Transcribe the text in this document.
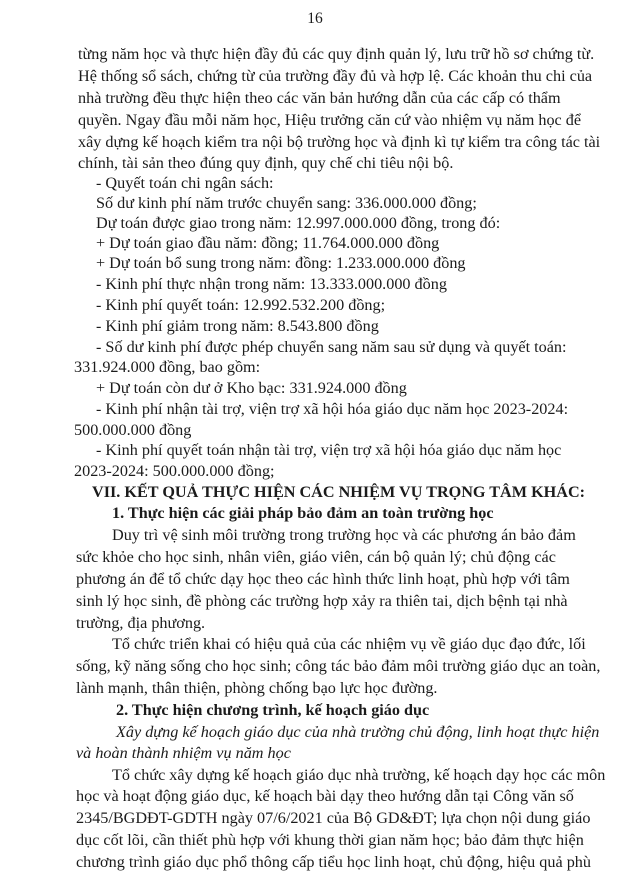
16
từng năm học và thực hiện đầy đủ các quy định quản lý, lưu trữ hồ sơ chứng từ.
Hệ thống sổ sách, chứng từ của trường đầy đủ và hợp lệ. Các khoản thu chi của
nhà trường đều thực hiện theo các văn bản hướng dẫn của các cấp có thẩm
quyền. Ngay đầu mỗi năm học, Hiệu trưởng căn cứ vào nhiệm vụ năm học để
xây dựng kế hoạch kiểm tra nội bộ trường học và định kì tự kiểm tra công tác tài
chính, tài sản theo đúng quy định, quy chế chi tiêu nội bộ.
- Quyết toán chi ngân sách:
Số dư kinh phí năm trước chuyển sang: 336.000.000 đồng;
Dự toán được giao trong năm: 12.997.000.000 đồng, trong đó:
+ Dự toán giao đầu năm: đồng; 11.764.000.000 đồng
+ Dự toán bổ sung trong năm: đồng: 1.233.000.000 đồng
- Kinh phí thực nhận trong năm: 13.333.000.000 đồng
- Kinh phí quyết toán: 12.992.532.200 đồng;
- Kinh phí giảm trong năm: 8.543.800 đồng
- Số dư kinh phí được phép chuyển sang năm sau sử dụng và quyết toán:
331.924.000 đồng, bao gồm:
+ Dự toán còn dư ở Kho bạc: 331.924.000 đồng
- Kinh phí nhận tài trợ, viện trợ xã hội hóa giáo dục năm học 2023-2024:
500.000.000 đồng
- Kinh phí quyết toán nhận tài trợ, viện trợ xã hội hóa giáo dục năm học
2023-2024: 500.000.000 đồng;
VII. KẾT QUẢ THỰC HIỆN CÁC NHIỆM VỤ TRỌNG TÂM KHÁC:
1. Thực hiện các giải pháp bảo đảm an toàn trường học
Duy trì vệ sinh môi trường trong trường học và các phương án bảo đảm
sức khỏe cho học sinh, nhân viên, giáo viên, cán bộ quản lý; chủ động các
phương án để tổ chức dạy học theo các hình thức linh hoạt, phù hợp với tâm
sinh lý học sinh, đề phòng các trường hợp xảy ra thiên tai, dịch bệnh tại nhà
trường, địa phương.
Tổ chức triển khai có hiệu quả của các nhiệm vụ về giáo dục đạo đức, lối
sống, kỹ năng sống cho học sinh; công tác bảo đảm môi trường giáo dục an toàn,
lành mạnh, thân thiện, phòng chống bạo lực học đường.
2. Thực hiện chương trình, kế hoạch giáo dục
Xây dựng kế hoạch giáo dục của nhà trường chủ động, linh hoạt thực hiện
và hoàn thành nhiệm vụ năm học
Tổ chức xây dựng kế hoạch giáo dục nhà trường, kế hoạch dạy học các môn
học và hoạt động giáo dục, kế hoạch bài dạy theo hướng dẫn tại Công văn số
2345/BGDĐT-GDTH ngày 07/6/2021 của Bộ GD&ĐT; lựa chọn nội dung giáo
dục cốt lõi, cần thiết phù hợp với khung thời gian năm học; bảo đảm thực hiện
chương trình giáo dục phổ thông cấp tiểu học linh hoạt, chủ động, hiệu quả phù
